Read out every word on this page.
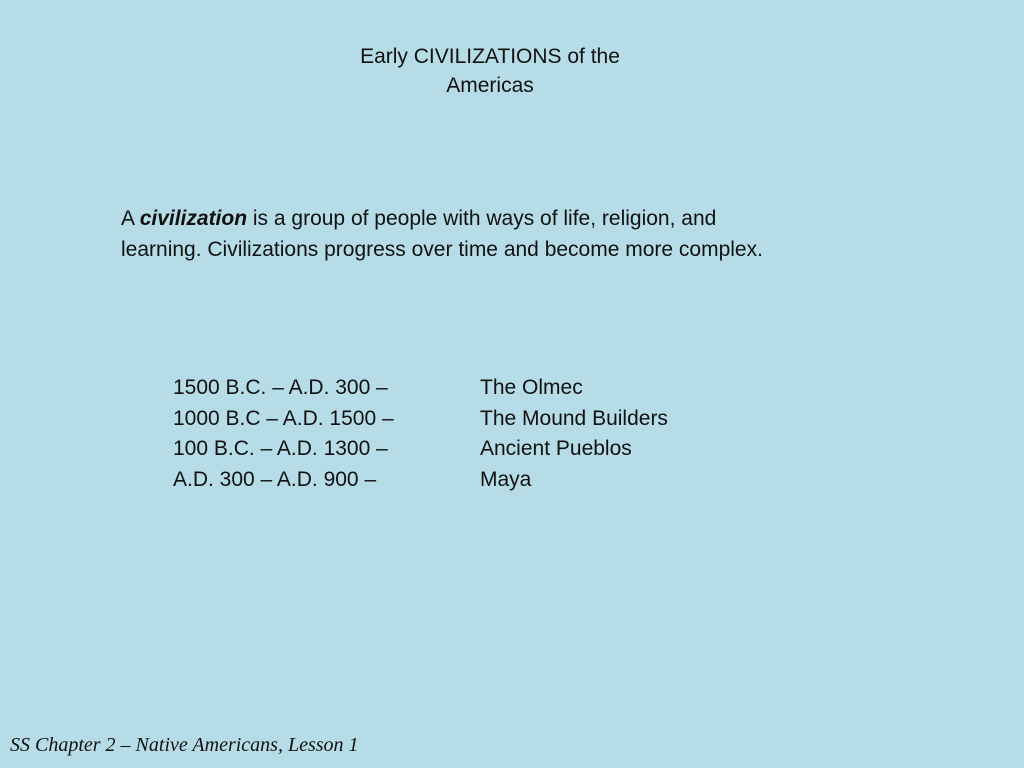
Early CIVILIZATIONS of the
Americas
A civilization is a group of people with ways of life, religion, and
learning. Civilizations progress over time and become more complex.
1500 B.C. – A.D. 300 –	The Olmec
1000 B.C – A.D. 1500 –	The Mound Builders
100 B.C. – A.D. 1300 –	Ancient Pueblos
A.D. 300 – A.D. 900 –	Maya
SS Chapter 2 – Native Americans, Lesson 1
